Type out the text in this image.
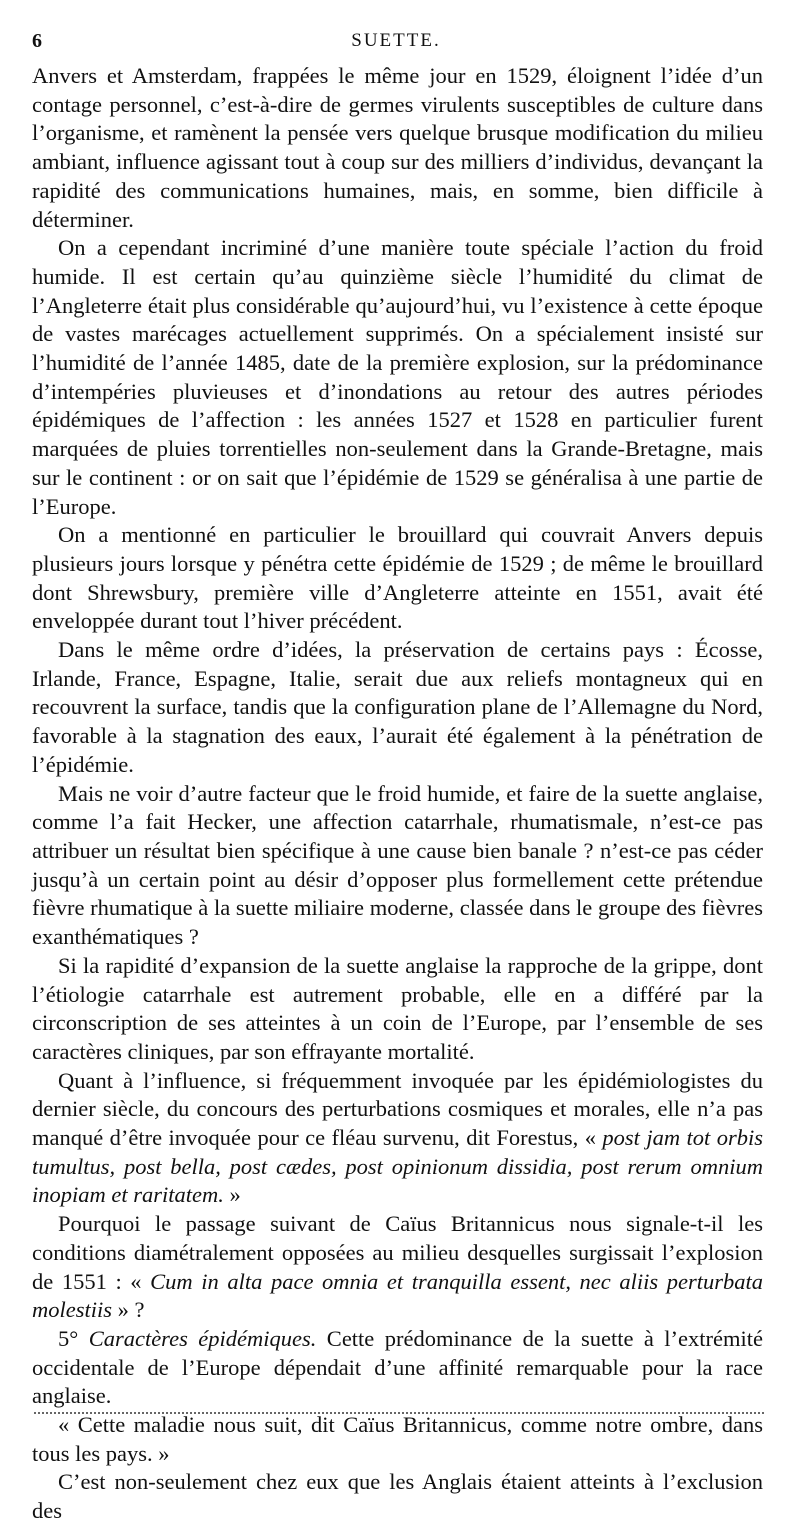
6	SUETTE.

Anvers et Amsterdam, frappées le même jour en 1529, éloignent l’idée d’un contage personnel, c’est-à-dire de germes virulents susceptibles de culture dans l’organisme, et ramènent la pensée vers quelque brusque modification du milieu ambiant, influence agissant tout à coup sur des milliers d’individus, devançant la rapidité des communications humaines, mais, en somme, bien difficile à déterminer.

On a cependant incriminé d’une manière toute spéciale l’action du froid humide. Il est certain qu’au quinzième siècle l’humidité du climat de l’Angleterre était plus considérable qu’aujourd’hui, vu l’existence à cette époque de vastes marécages actuellement supprimés. On a spécialement insisté sur l’humidité de l’année 1485, date de la première explosion, sur la prédominance d’intempéries pluvieuses et d’inondations au retour des autres périodes épidémiques de l’affection : les années 1527 et 1528 en particulier furent marquées de pluies torrentielles non-seulement dans la Grande-Bretagne, mais sur le continent : or on sait que l’épidémie de 1529 se généralisa à une partie de l’Europe.

On a mentionné en particulier le brouillard qui couvrait Anvers depuis plusieurs jours lorsque y pénétra cette épidémie de 1529 ; de même le brouillard dont Shrewsbury, première ville d’Angleterre atteinte en 1551, avait été enveloppée durant tout l’hiver précédent.

Dans le même ordre d’idées, la préservation de certains pays : Écosse, Irlande, France, Espagne, Italie, serait due aux reliefs montagneux qui en recouvrent la surface, tandis que la configuration plane de l’Allemagne du Nord, favorable à la stagnation des eaux, l’aurait été également à la pénétration de l’épidémie.

Mais ne voir d’autre facteur que le froid humide, et faire de la suette anglaise, comme l’a fait Hecker, une affection catarrhale, rhumatismale, n’est-ce pas attribuer un résultat bien spécifique à une cause bien banale ? n’est-ce pas céder jusqu’à un certain point au désir d’opposer plus formellement cette prétendue fièvre rhumatique à la suette miliaire moderne, classée dans le groupe des fièvres exanthématiques ?

Si la rapidité d’expansion de la suette anglaise la rapproche de la grippe, dont l’étiologie catarrhale est autrement probable, elle en a différé par la circonscription de ses atteintes à un coin de l’Europe, par l’ensemble de ses caractères cliniques, par son effrayante mortalité.

Quant à l’influence, si fréquemment invoquée par les épidémiologistes du dernier siècle, du concours des perturbations cosmiques et morales, elle n’a pas manqué d’être invoquée pour ce fléau survenu, dit Forestus, « post jam tot orbis tumultus, post bella, post cædes, post opinionum dissidia, post rerum omnium inopiam et raritatem. »

Pourquoi le passage suivant de Caïus Britannicus nous signale-t-il les conditions diamétralement opposées au milieu desquelles surgissait l’explosion de 1551 : « Cum in alta pace omnia et tranquilla essent, nec aliis perturbata molestiis » ?

5° Caractères épidémiques. Cette prédominance de la suette à l’extrémité occidentale de l’Europe dépendait d’une affinité remarquable pour la race anglaise.

« Cette maladie nous suit, dit Caïus Britannicus, comme notre ombre, dans tous les pays. »

C’est non-seulement chez eux que les Anglais étaient atteints à l’exclusion des
